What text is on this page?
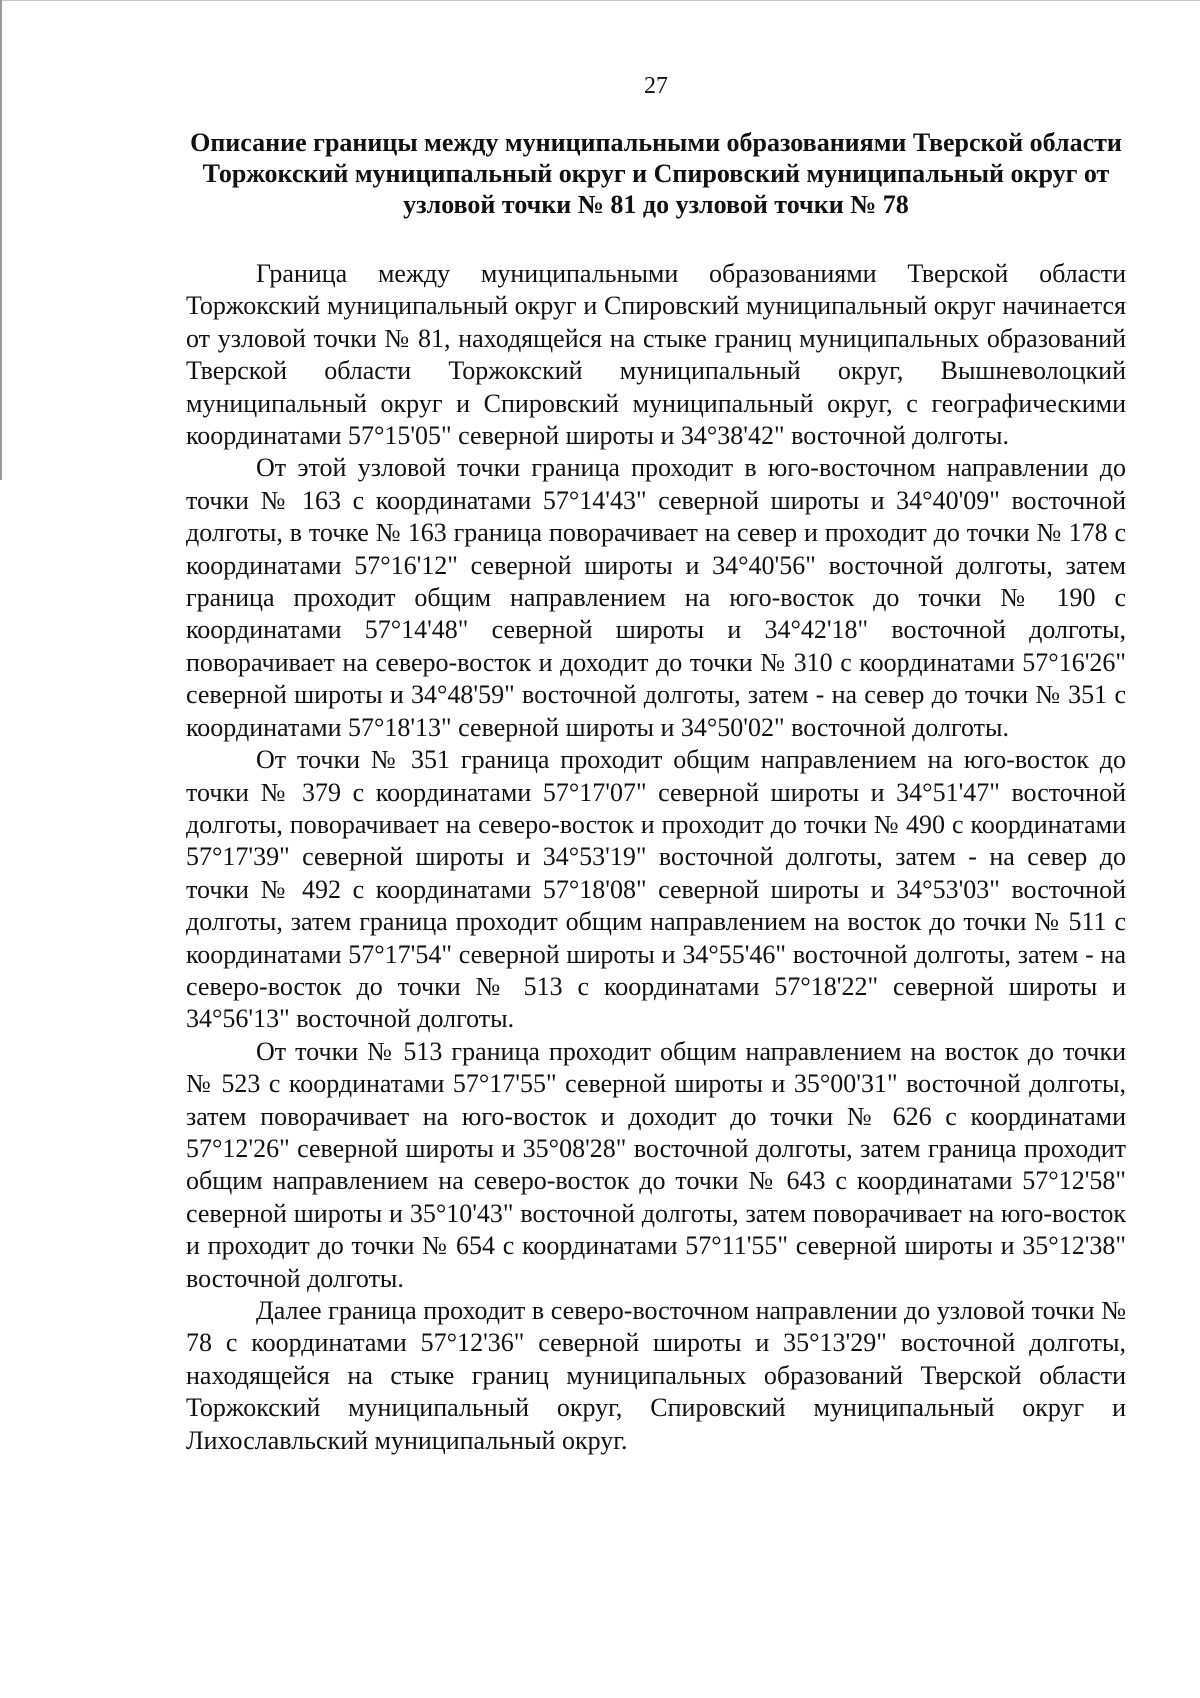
27
Описание границы между муниципальными образованиями Тверской области Торжокский муниципальный округ и Спировский муниципальный округ от узловой точки № 81 до узловой точки № 78

Граница между муниципальными образованиями Тверской области Торжокский муниципальный округ и Спировский муниципальный округ начинается от узловой точки № 81, находящейся на стыке границ муниципальных образований Тверской области Торжокский муниципальный округ, Вышневолоцкий муниципальный округ и Спировский муниципальный округ, с географическими координатами 57°15'05" северной широты и 34°38'42" восточной долготы.

От этой узловой точки граница проходит в юго-восточном направлении до точки № 163 с координатами 57°14'43" северной широты и 34°40'09" восточной долготы, в точке № 163 граница поворачивает на север и проходит до точки № 178 с координатами 57°16'12" северной широты и 34°40'56" восточной долготы, затем граница проходит общим направлением на юго-восток до точки № 190 с координатами 57°14'48" северной широты и 34°42'18" восточной долготы, поворачивает на северо-восток и доходит до точки № 310 с координатами 57°16'26" северной широты и 34°48'59" восточной долготы, затем - на север до точки № 351 с координатами 57°18'13" северной широты и 34°50'02" восточной долготы.

От точки № 351 граница проходит общим направлением на юго-восток до точки № 379 с координатами 57°17'07" северной широты и 34°51'47" восточной долготы, поворачивает на северо-восток и проходит до точки № 490 с координатами 57°17'39" северной широты и 34°53'19" восточной долготы, затем - на север до точки № 492 с координатами 57°18'08" северной широты и 34°53'03" восточной долготы, затем граница проходит общим направлением на восток до точки № 511 с координатами 57°17'54" северной широты и 34°55'46" восточной долготы, затем - на северо-восток до точки № 513 с координатами 57°18'22" северной широты и 34°56'13" восточной долготы.

От точки № 513 граница проходит общим направлением на восток до точки № 523 с координатами 57°17'55" северной широты и 35°00'31" восточной долготы, затем поворачивает на юго-восток и доходит до точки № 626 с координатами 57°12'26" северной широты и 35°08'28" восточной долготы, затем граница проходит общим направлением на северо-восток до точки № 643 с координатами 57°12'58" северной широты и 35°10'43" восточной долготы, затем поворачивает на юго-восток и проходит до точки № 654 с координатами 57°11'55" северной широты и 35°12'38" восточной долготы.

Далее граница проходит в северо-восточном направлении до узловой точки № 78 с координатами 57°12'36" северной широты и 35°13'29" восточной долготы, находящейся на стыке границ муниципальных образований Тверской области Торжокский муниципальный округ, Спировский муниципальный округ и Лихославльский муниципальный округ.
